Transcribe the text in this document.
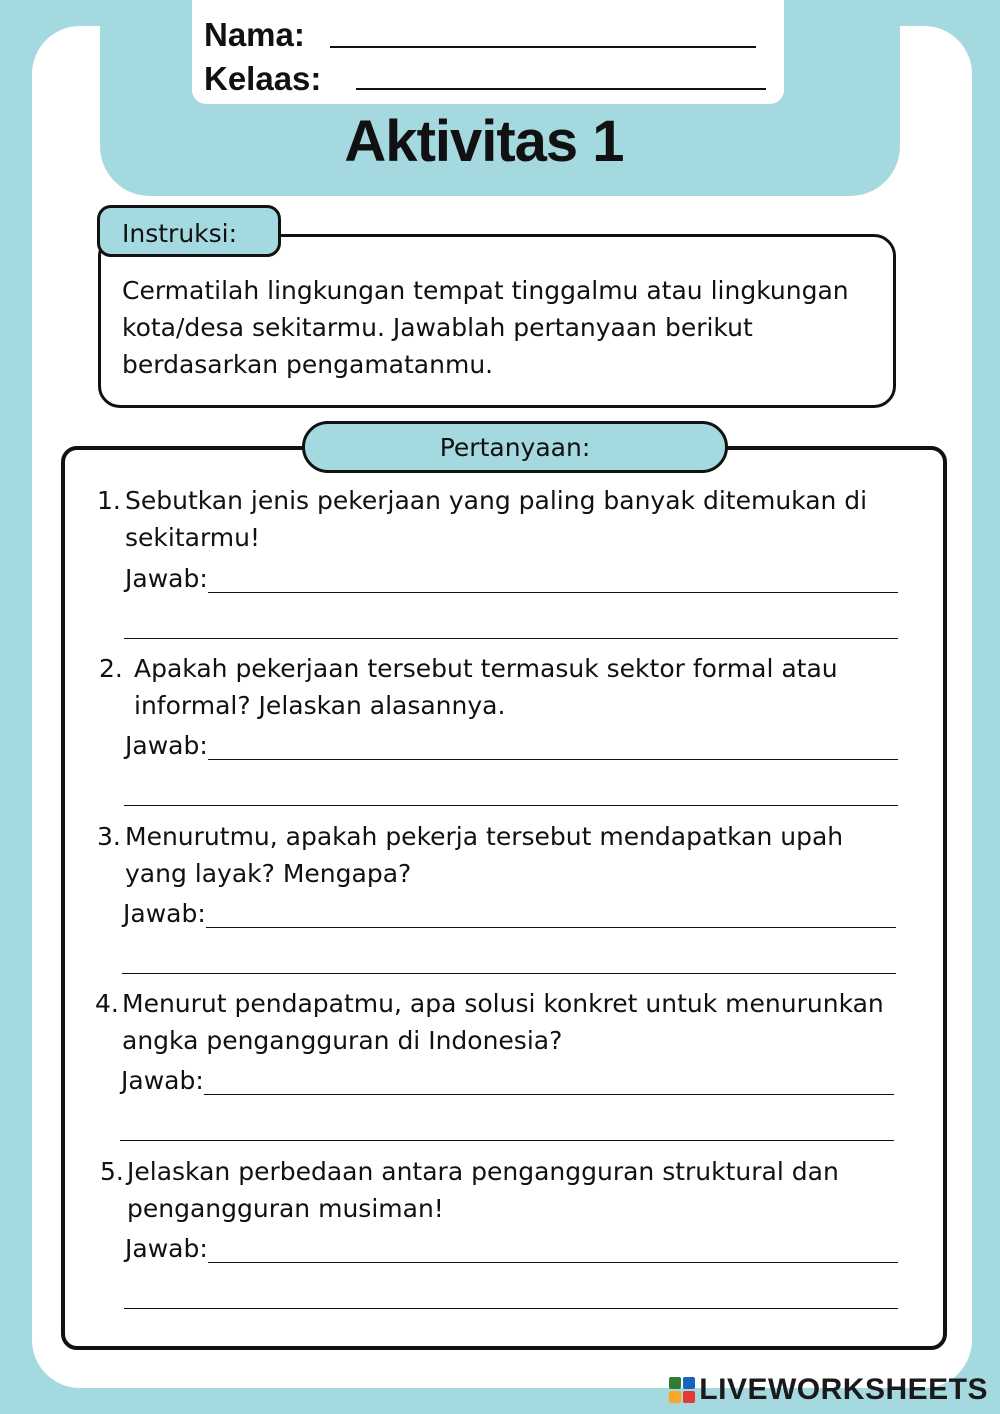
Nama:
Kelaas:
Aktivitas 1
Instruksi:
Cermatilah lingkungan tempat tinggalmu atau lingkungan
kota/desa sekitarmu. Jawablah pertanyaan berikut
berdasarkan pengamatanmu.
Pertanyaan:
1. Sebutkan jenis pekerjaan yang paling banyak ditemukan di
sekitarmu!
Jawab:
2. Apakah pekerjaan tersebut termasuk sektor formal atau
informal? Jelaskan alasannya.
Jawab:
3. Menurutmu, apakah pekerja tersebut mendapatkan upah
yang layak? Mengapa?
Jawab:
4. Menurut pendapatmu, apa solusi konkret untuk menurunkan
angka pengangguran di Indonesia?
Jawab:
5. Jelaskan perbedaan antara pengangguran struktural dan
pengangguran musiman!
Jawab:
LIVEWORKSHEETS
